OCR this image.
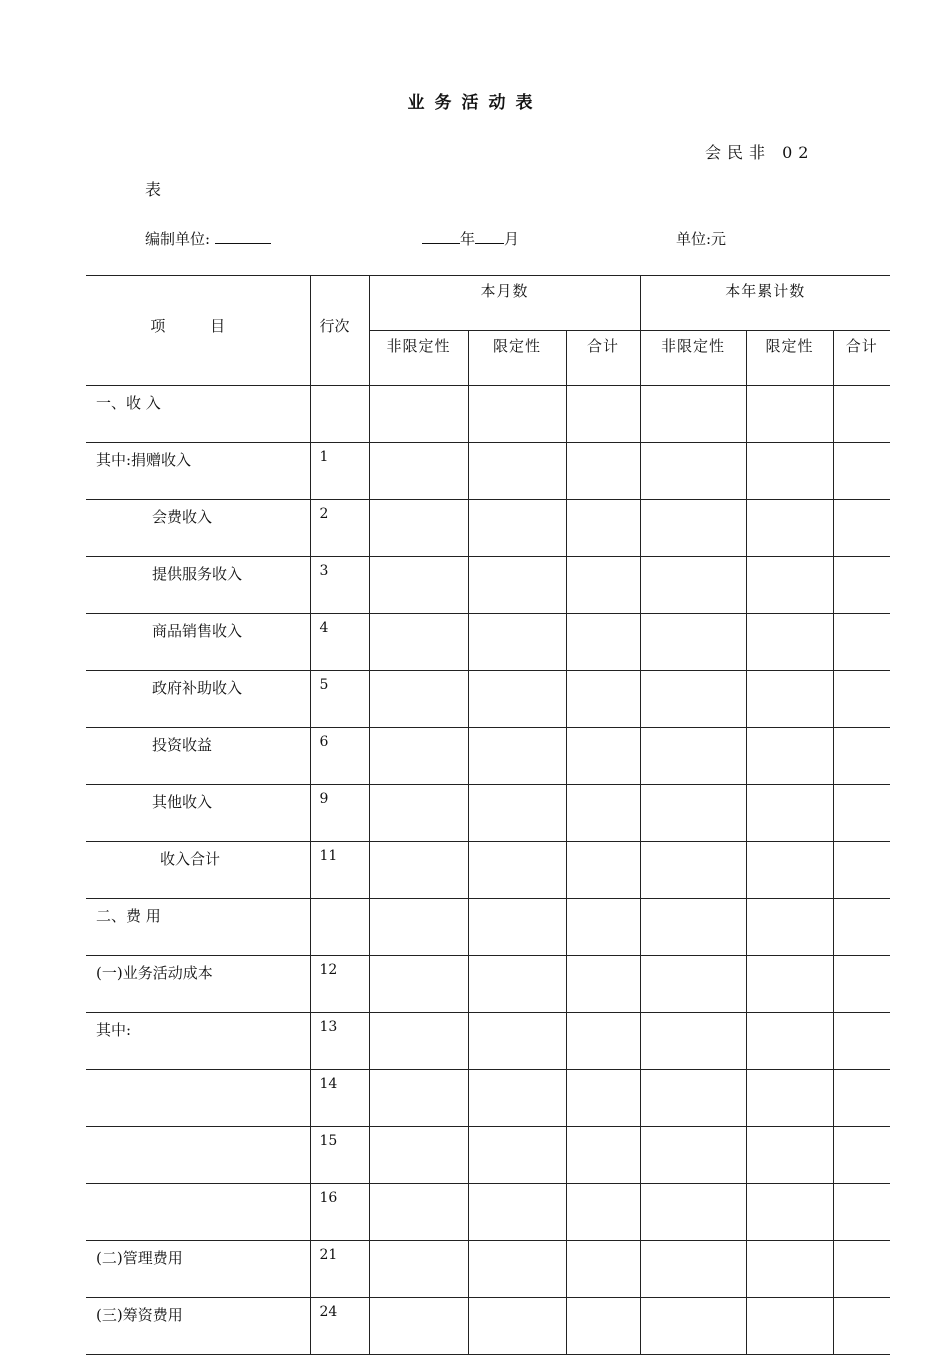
业务活动表
会民非 02
表
编制单位:	年 月	单位:元
项 目	行次	本月数			本年累计数		
		非限定性	限定性	合计	非限定性	限定性	合计
一、收 入							
其中:捐赠收入	1						
会费收入	2						
提供服务收入	3						
商品销售收入	4						
政府补助收入	5						
投资收益	6						
其他收入	9						
收入合计	11						
二、费 用							
(一)业务活动成本	12						
其中:	13						
	14						
	15						
	16						
(二)管理费用	21						
(三)筹资费用	24						
